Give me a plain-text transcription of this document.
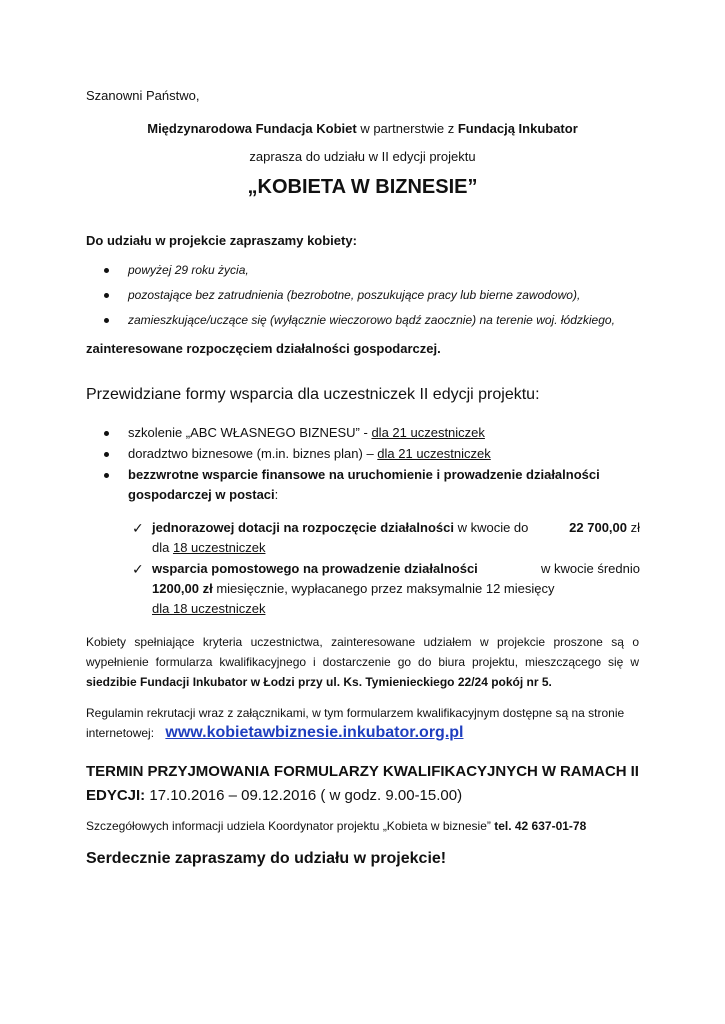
Szanowni Państwo,

Międzynarodowa Fundacja Kobiet w partnerstwie z Fundacją Inkubator

zaprasza do udziału w II edycji projektu

„KOBIETA W BIZNESIE”

Do udziału w projekcie zapraszamy kobiety:

powyżej 29 roku życia,
pozostające bez zatrudnienia (bezrobotne, poszukujące pracy lub bierne zawodowo),
zamieszkujące/uczące się (wyłącznie wieczorowo bądź zaocznie) na terenie woj. łódzkiego,

zainteresowane rozpoczęciem działalności gospodarczej.

Przewidziane formy wsparcia dla uczestniczek II edycji projektu:

szkolenie „ABC WŁASNEGO BIZNESU” - dla 21 uczestniczek
doradztwo biznesowe (m.in. biznes plan) – dla 21 uczestniczek
bezzwrotne wsparcie finansowe na uruchomienie i prowadzenie działalności gospodarczej w postaci:
✓ jednorazowej dotacji na rozpoczęcie działalności w kwocie do	22 700,00 zł
dla 18 uczestniczek
✓ wsparcia pomostowego na prowadzenie działalności	w kwocie średnio
1200,00 zł miesięcznie, wypłacanego przez maksymalnie 12 miesięcy
dla 18 uczestniczek

Kobiety spełniające kryteria uczestnictwa, zainteresowane udziałem w projekcie proszone są o wypełnienie formularza kwalifikacyjnego i dostarczenie go do biura projektu, mieszczącego się w siedzibie Fundacji Inkubator w Łodzi przy ul. Ks. Tymienieckiego 22/24 pokój nr 5.

Regulamin rekrutacji wraz z załącznikami, w tym formularzem kwalifikacyjnym dostępne są na stronie

internetowej: www.kobietawbiznesie.inkubator.org.pl

TERMIN PRZYJMOWANIA FORMULARZY KWALIFIKACYJNYCH W RAMACH II
EDYCJI: 17.10.2016 – 09.12.2016 ( w godz. 9.00-15.00)

Szczegółowych informacji udziela Koordynator projektu „Kobieta w biznesie” tel. 42 637-01-78

Serdecznie zapraszamy do udziału w projekcie!
